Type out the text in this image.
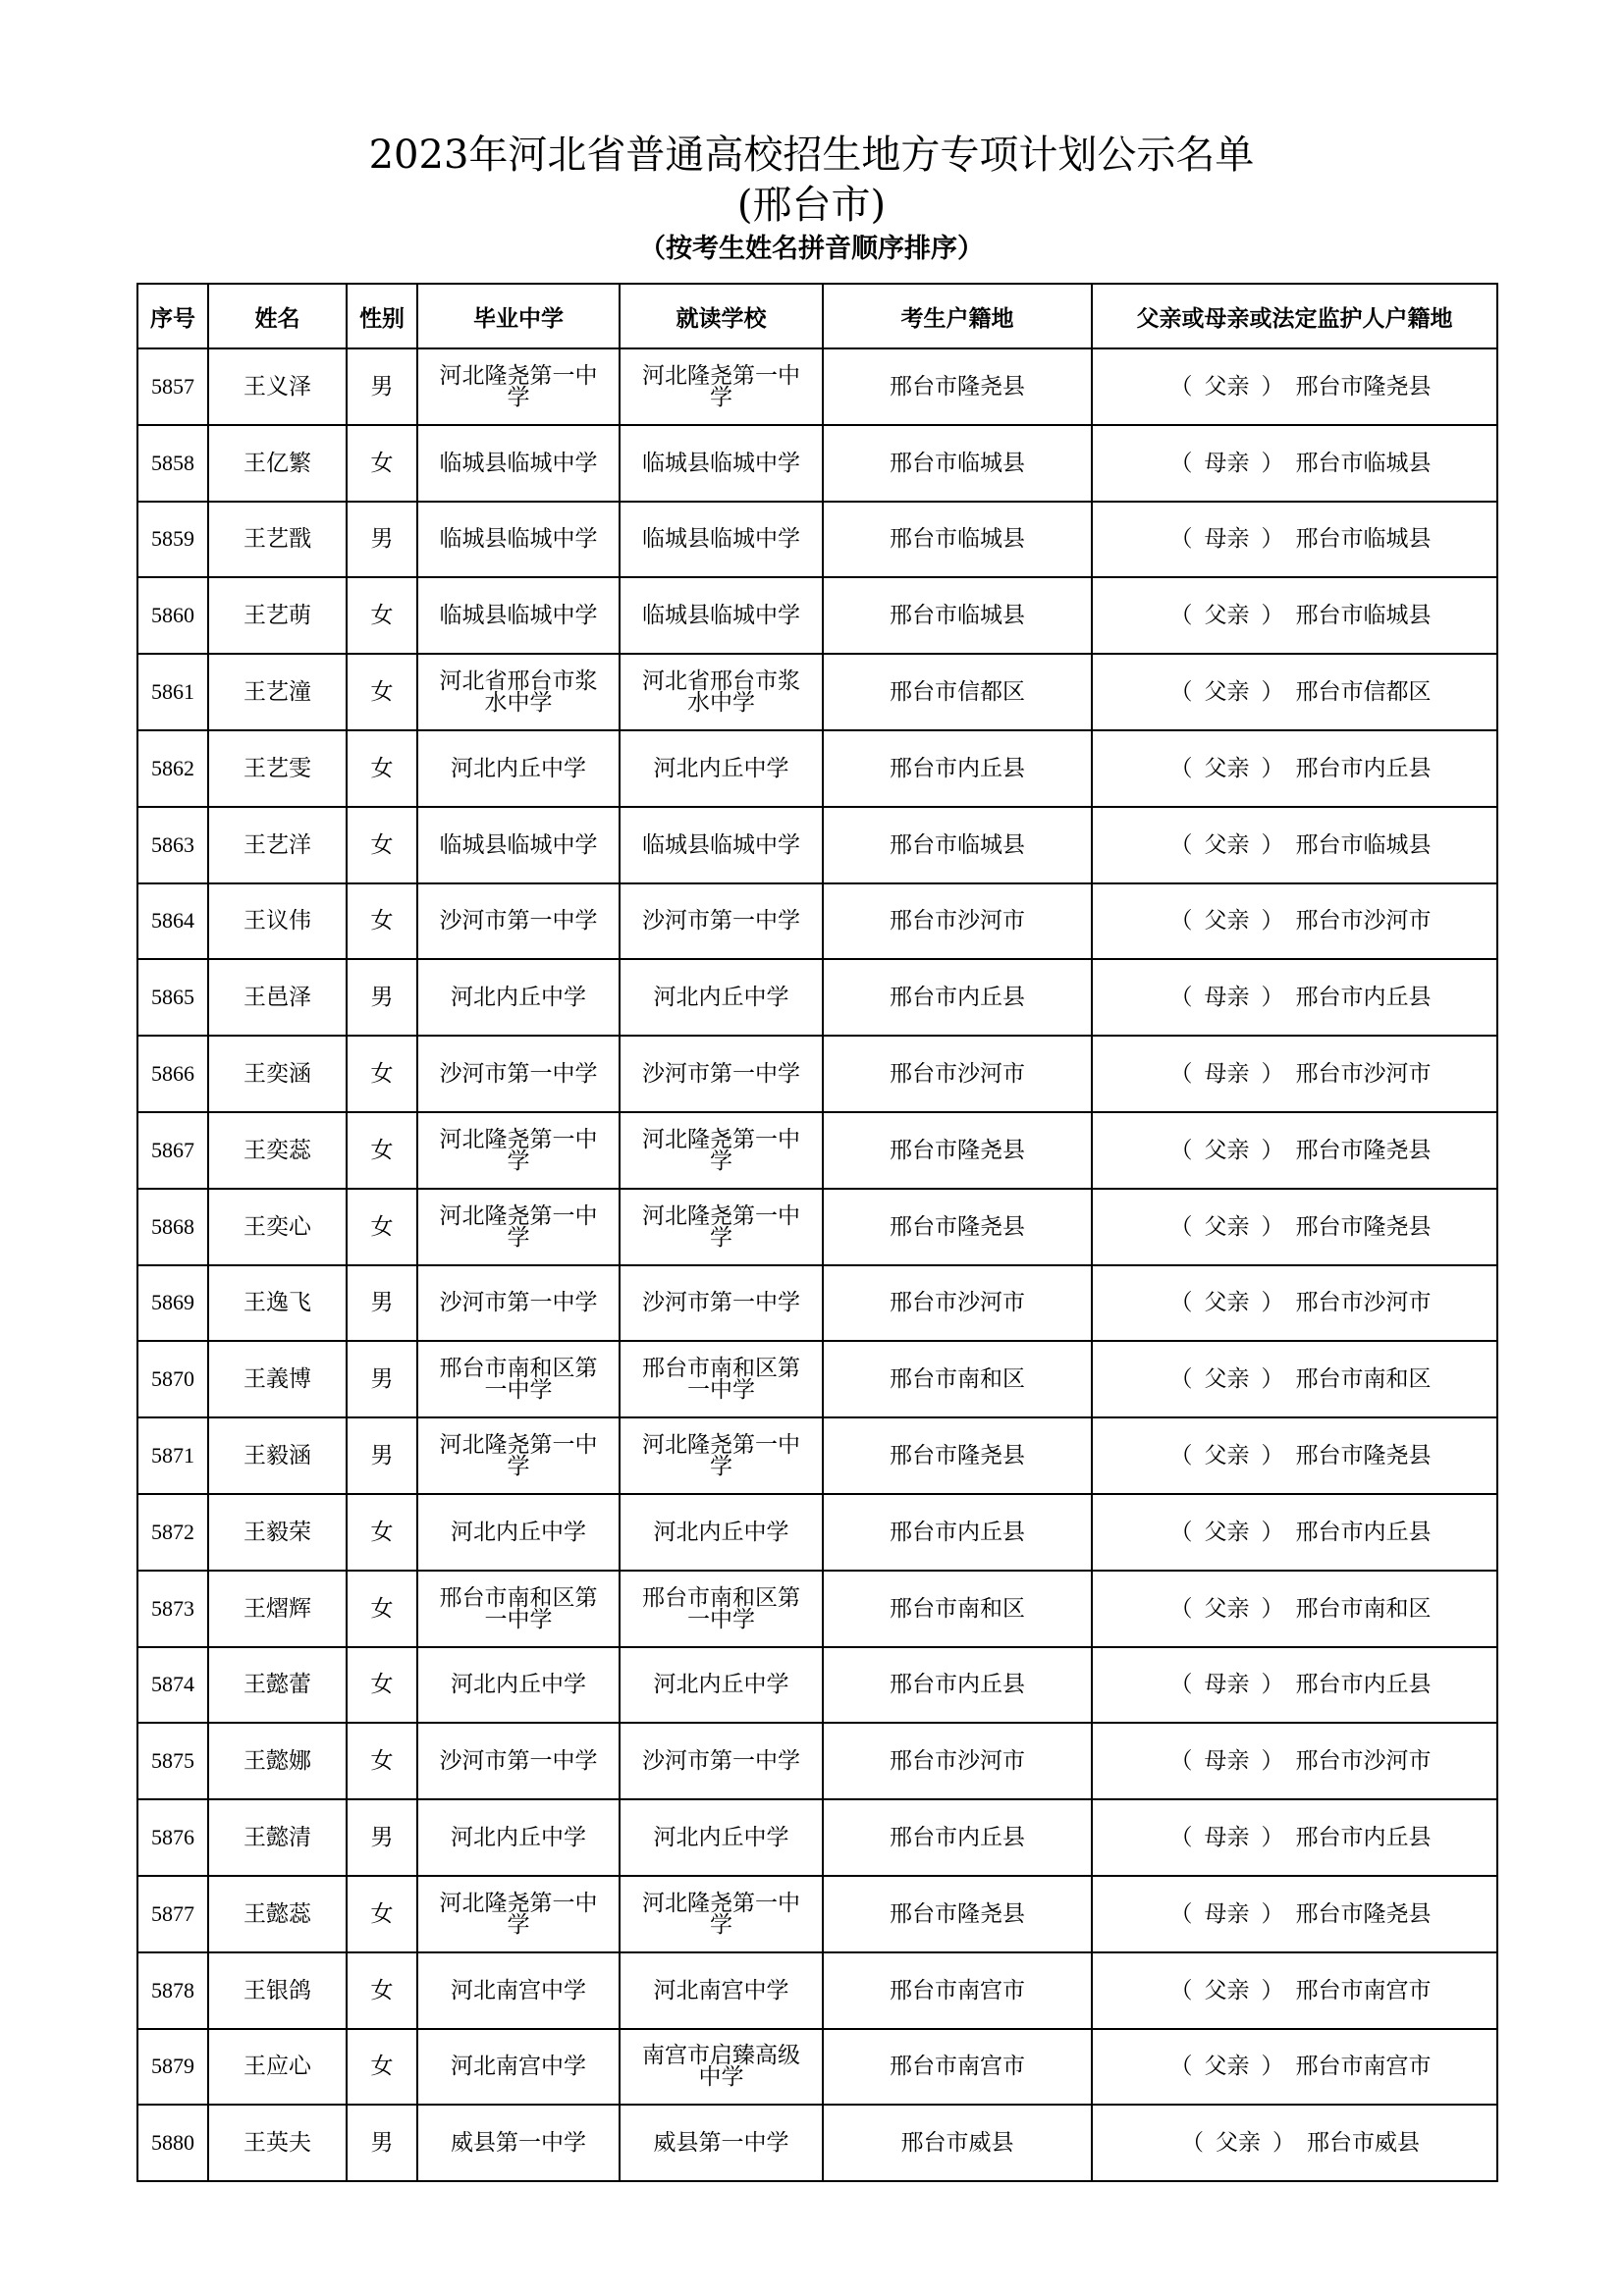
2023年河北省普通高校招生地方专项计划公示名单
(邢台市)
（按考生姓名拼音顺序排序）
序号	姓名	性别	毕业中学	就读学校	考生户籍地	父亲或母亲或法定监护人户籍地
5857	王义泽	男	河北隆尧第一中学	河北隆尧第一中学	邢台市隆尧县	（ 父亲 ） 邢台市隆尧县
5858	王亿繁	女	临城县临城中学	临城县临城中学	邢台市临城县	（ 母亲 ） 邢台市临城县
5859	王艺戬	男	临城县临城中学	临城县临城中学	邢台市临城县	（ 母亲 ） 邢台市临城县
5860	王艺萌	女	临城县临城中学	临城县临城中学	邢台市临城县	（ 父亲 ） 邢台市临城县
5861	王艺潼	女	河北省邢台市浆水中学	河北省邢台市浆水中学	邢台市信都区	（ 父亲 ） 邢台市信都区
5862	王艺雯	女	河北内丘中学	河北内丘中学	邢台市内丘县	（ 父亲 ） 邢台市内丘县
5863	王艺洋	女	临城县临城中学	临城县临城中学	邢台市临城县	（ 父亲 ） 邢台市临城县
5864	王议伟	女	沙河市第一中学	沙河市第一中学	邢台市沙河市	（ 父亲 ） 邢台市沙河市
5865	王邑泽	男	河北内丘中学	河北内丘中学	邢台市内丘县	（ 母亲 ） 邢台市内丘县
5866	王奕涵	女	沙河市第一中学	沙河市第一中学	邢台市沙河市	（ 母亲 ） 邢台市沙河市
5867	王奕蕊	女	河北隆尧第一中学	河北隆尧第一中学	邢台市隆尧县	（ 父亲 ） 邢台市隆尧县
5868	王奕心	女	河北隆尧第一中学	河北隆尧第一中学	邢台市隆尧县	（ 父亲 ） 邢台市隆尧县
5869	王逸飞	男	沙河市第一中学	沙河市第一中学	邢台市沙河市	（ 父亲 ） 邢台市沙河市
5870	王義博	男	邢台市南和区第一中学	邢台市南和区第一中学	邢台市南和区	（ 父亲 ） 邢台市南和区
5871	王毅涵	男	河北隆尧第一中学	河北隆尧第一中学	邢台市隆尧县	（ 父亲 ） 邢台市隆尧县
5872	王毅荣	女	河北内丘中学	河北内丘中学	邢台市内丘县	（ 父亲 ） 邢台市内丘县
5873	王熠辉	女	邢台市南和区第一中学	邢台市南和区第一中学	邢台市南和区	（ 父亲 ） 邢台市南和区
5874	王懿蕾	女	河北内丘中学	河北内丘中学	邢台市内丘县	（ 母亲 ） 邢台市内丘县
5875	王懿娜	女	沙河市第一中学	沙河市第一中学	邢台市沙河市	（ 母亲 ） 邢台市沙河市
5876	王懿清	男	河北内丘中学	河北内丘中学	邢台市内丘县	（ 母亲 ） 邢台市内丘县
5877	王懿蕊	女	河北隆尧第一中学	河北隆尧第一中学	邢台市隆尧县	（ 母亲 ） 邢台市隆尧县
5878	王银鸽	女	河北南宫中学	河北南宫中学	邢台市南宫市	（ 父亲 ） 邢台市南宫市
5879	王应心	女	河北南宫中学	南宫市启臻高级中学	邢台市南宫市	（ 父亲 ） 邢台市南宫市
5880	王英夫	男	威县第一中学	威县第一中学	邢台市威县	（ 父亲 ） 邢台市威县
